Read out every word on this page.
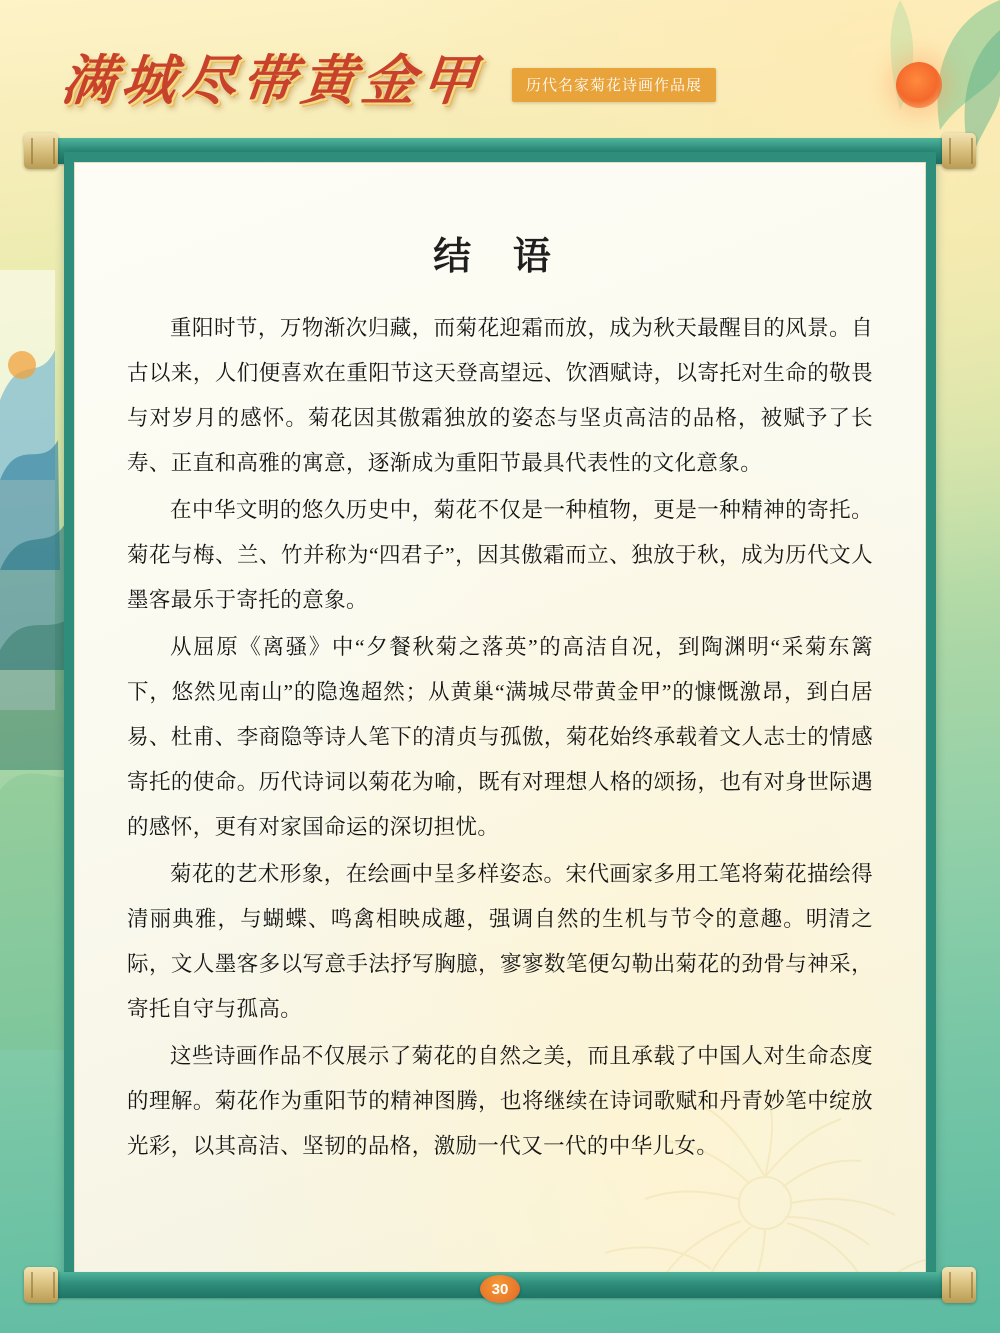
满城尽带黄金甲	历代名家菊花诗画作品展
结 语

重阳时节，万物渐次归藏，而菊花迎霜而放，成为秋天最醒目的风景。自古以来，人们便喜欢在重阳节这天登高望远、饮酒赋诗，以寄托对生命的敬畏与对岁月的感怀。菊花因其傲霜独放的姿态与坚贞高洁的品格，被赋予了长寿、正直和高雅的寓意，逐渐成为重阳节最具代表性的文化意象。

在中华文明的悠久历史中，菊花不仅是一种植物，更是一种精神的寄托。菊花与梅、兰、竹并称为“四君子”，因其傲霜而立、独放于秋，成为历代文人墨客最乐于寄托的意象。

从屈原《离骚》中“夕餐秋菊之落英”的高洁自况，到陶渊明“采菊东篱下，悠然见南山”的隐逸超然；从黄巢“满城尽带黄金甲”的慷慨激昂，到白居易、杜甫、李商隐等诗人笔下的清贞与孤傲，菊花始终承载着文人志士的情感寄托的使命。历代诗词以菊花为喻，既有对理想人格的颂扬，也有对身世际遇的感怀，更有对家国命运的深切担忧。

菊花的艺术形象，在绘画中呈多样姿态。宋代画家多用工笔将菊花描绘得清丽典雅，与蝴蝶、鸣禽相映成趣，强调自然的生机与节令的意趣。明清之际，文人墨客多以写意手法抒写胸臆，寥寥数笔便勾勒出菊花的劲骨与神采，寄托自守与孤高。

这些诗画作品不仅展示了菊花的自然之美，而且承载了中国人对生命态度的理解。菊花作为重阳节的精神图腾，也将继续在诗词歌赋和丹青妙笔中绽放光彩，以其高洁、坚韧的品格，激励一代又一代的中华儿女。

30
